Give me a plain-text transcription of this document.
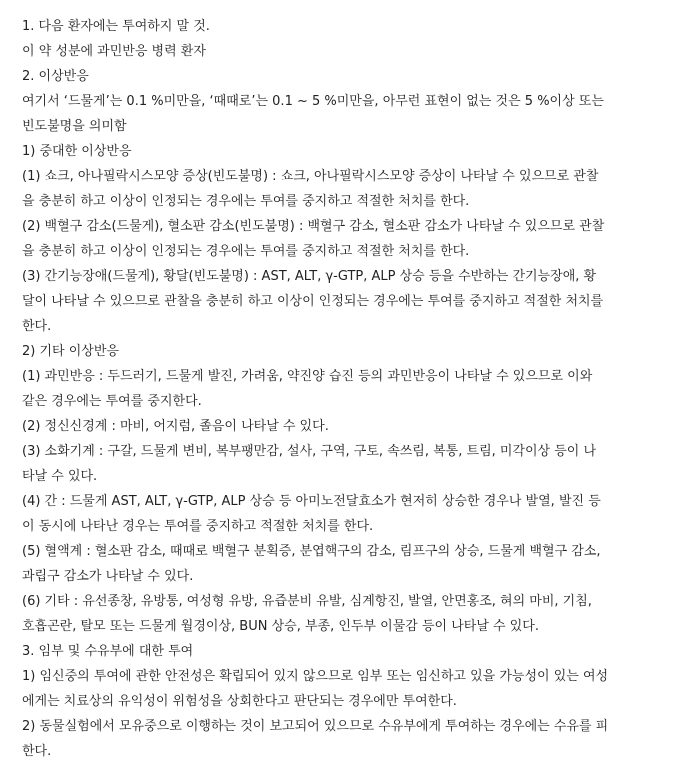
1. 다음 환자에는 투여하지 말 것.
이 약 성분에 과민반응 병력 환자
2. 이상반응
여기서 ‘드물게’는 0.1 %미만을, ‘때때로’는 0.1 ~ 5 %미만을, 아무런 표현이 없는 것은 5 %이상 또는
빈도불명을 의미함
1) 중대한 이상반응
(1) 쇼크, 아나필락시스모양 증상(빈도불명) : 쇼크, 아나필락시스모양 증상이 나타날 수 있으므로 관찰
을 충분히 하고 이상이 인정되는 경우에는 투여를 중지하고 적절한 처치를 한다.
(2) 백혈구 감소(드물게), 혈소판 감소(빈도불명) : 백혈구 감소, 혈소판 감소가 나타날 수 있으므로 관찰
을 충분히 하고 이상이 인정되는 경우에는 투여를 중지하고 적절한 처치를 한다.
(3) 간기능장애(드물게), 황달(빈도불명) : AST, ALT, γ-GTP, ALP 상승 등을 수반하는 간기능장애, 황
달이 나타날 수 있으므로 관찰을 충분히 하고 이상이 인정되는 경우에는 투여를 중지하고 적절한 처치를
한다.
2) 기타 이상반응
(1) 과민반응 : 두드러기, 드물게 발진, 가려움, 약진양 습진 등의 과민반응이 나타날 수 있으므로 이와
같은 경우에는 투여를 중지한다.
(2) 정신신경계 : 마비, 어지럼, 졸음이 나타날 수 있다.
(3) 소화기계 : 구갈, 드물게 변비, 복부팽만감, 설사, 구역, 구토, 속쓰림, 복통, 트림, 미각이상 등이 나
타날 수 있다.
(4) 간 : 드물게 AST, ALT, γ-GTP, ALP 상승 등 아미노전달효소가 현저히 상승한 경우나 발열, 발진 등
이 동시에 나타난 경우는 투여를 중지하고 적절한 처치를 한다.
(5) 혈액계 : 혈소판 감소, 때때로 백혈구 분획증, 분엽핵구의 감소, 림프구의 상승, 드물게 백혈구 감소,
과립구 감소가 나타날 수 있다.
(6) 기타 : 유선종창, 유방통, 여성형 유방, 유즙분비 유발, 심계항진, 발열, 안면홍조, 혀의 마비, 기침,
호흡곤란, 탈모 또는 드물게 월경이상, BUN 상승, 부종, 인두부 이물감 등이 나타날 수 있다.
3. 임부 및 수유부에 대한 투여
1) 임신중의 투여에 관한 안전성은 확립되어 있지 않으므로 임부 또는 임신하고 있을 가능성이 있는 여성
에게는 치료상의 유익성이 위험성을 상회한다고 판단되는 경우에만 투여한다.
2) 동물실험에서 모유중으로 이행하는 것이 보고되어 있으므로 수유부에게 투여하는 경우에는 수유를 피
한다.
